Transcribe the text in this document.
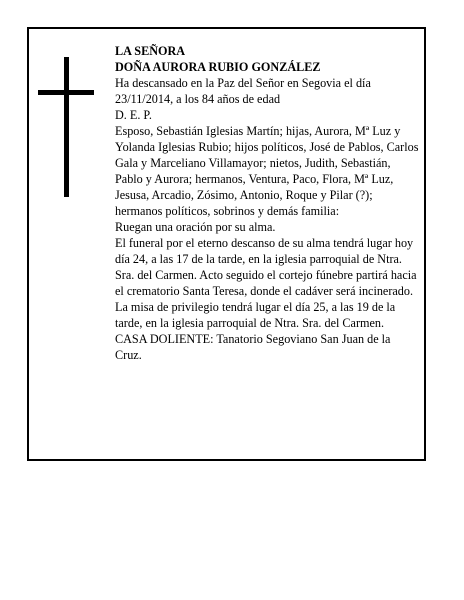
LA SEÑORA

DOÑA AURORA RUBIO GONZÁLEZ

Ha descansado en la Paz del Señor en Segovia el día 23/11/2014, a los 84 años de edad

D. E. P.

Esposo, Sebastián Iglesias Martín; hijas, Aurora, Mª Luz y Yolanda Iglesias Rubio; hijos políticos, José de Pablos, Carlos Gala y Marceliano Villamayor; nietos, Judith, Sebastián, Pablo y Aurora; hermanos, Ventura, Paco, Flora, Mª Luz, Jesusa, Arcadio, Zósimo, Antonio, Roque y Pilar (?); hermanos políticos, sobrinos y demás familia:

Ruegan una oración por su alma.

El funeral por el eterno descanso de su alma tendrá lugar hoy día 24, a las 17 de la tarde, en la iglesia parroquial de Ntra. Sra. del Carmen. Acto seguido el cortejo fúnebre partirá hacia el crematorio Santa Teresa, donde el cadáver será incinerado. La misa de privilegio tendrá lugar el día 25, a las 19 de la tarde, en la iglesia parroquial de Ntra. Sra. del Carmen.

CASA DOLIENTE: Tanatorio Segoviano San Juan de la Cruz.
